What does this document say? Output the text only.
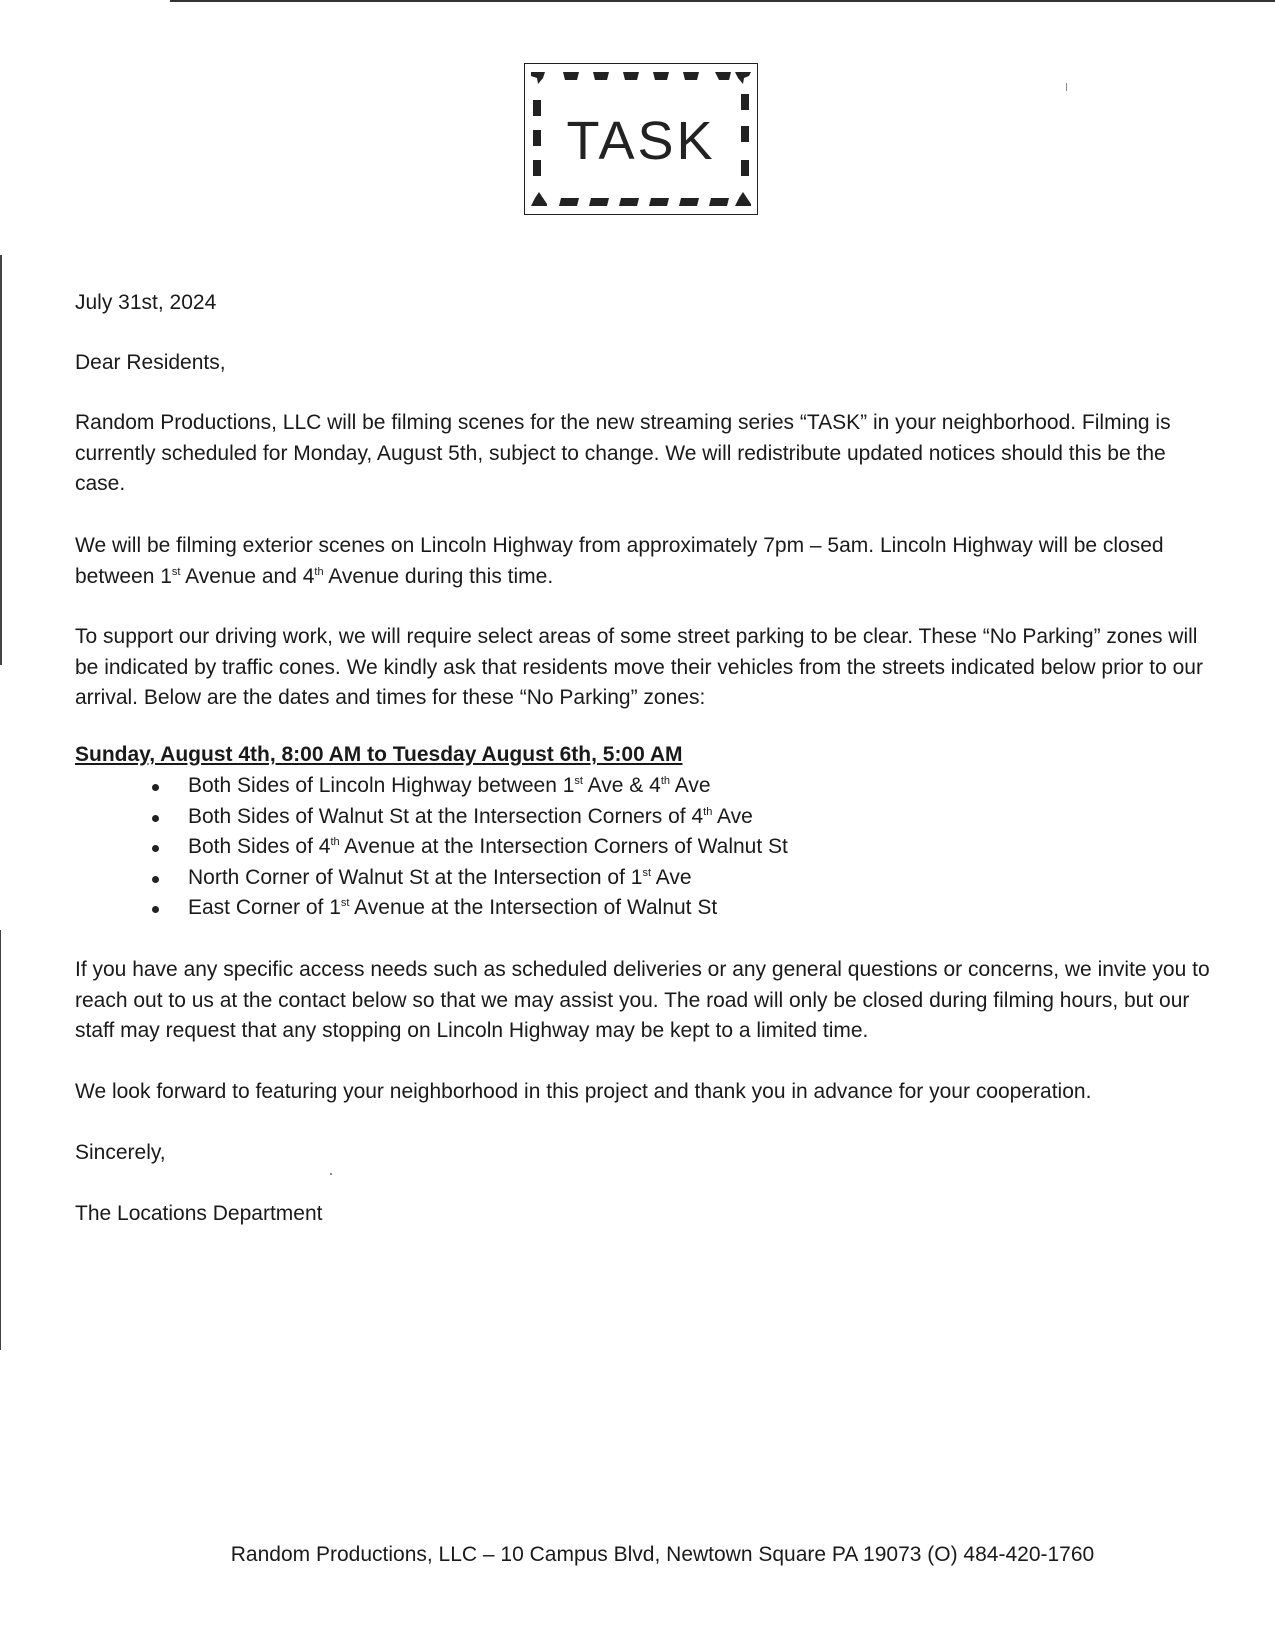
TASK

July 31st, 2024

Dear Residents,

Random Productions, LLC will be filming scenes for the new streaming series “TASK” in your neighborhood. Filming is currently scheduled for Monday, August 5th, subject to change. We will redistribute updated notices should this be the case.

We will be filming exterior scenes on Lincoln Highway from approximately 7pm – 5am. Lincoln Highway will be closed between 1st Avenue and 4th Avenue during this time.

To support our driving work, we will require select areas of some street parking to be clear. These “No Parking” zones will be indicated by traffic cones. We kindly ask that residents move their vehicles from the streets indicated below prior to our arrival. Below are the dates and times for these “No Parking” zones:

Sunday, August 4th, 8:00 AM to Tuesday August 6th, 5:00 AM

Both Sides of Lincoln Highway between 1st Ave & 4th Ave
Both Sides of Walnut St at the Intersection Corners of 4th Ave
Both Sides of 4th Avenue at the Intersection Corners of Walnut St
North Corner of Walnut St at the Intersection of 1st Ave
East Corner of 1st Avenue at the Intersection of Walnut St

If you have any specific access needs such as scheduled deliveries or any general questions or concerns, we invite you to reach out to us at the contact below so that we may assist you. The road will only be closed during filming hours, but our staff may request that any stopping on Lincoln Highway may be kept to a limited time.

We look forward to featuring your neighborhood in this project and thank you in advance for your cooperation.

Sincerely,

The Locations Department

Random Productions, LLC – 10 Campus Blvd, Newtown Square PA 19073 (O) 484-420-1760
